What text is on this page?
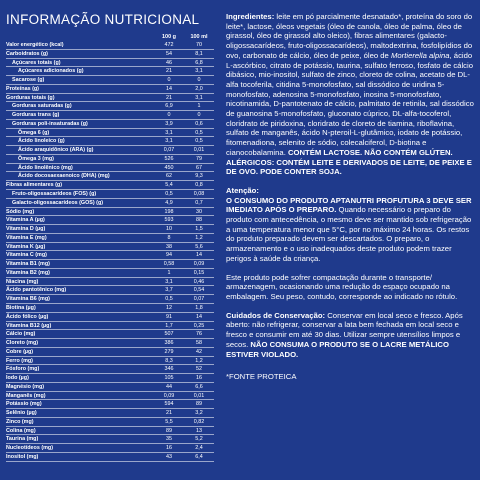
INFORMAÇÃO NUTRICIONAL
100 g	100 ml
Valor energético (kcal)	472	70
Carboidratos (g)	54	8,1
Açúcares totais (g)	46	6,8
Açúcares adicionados (g)	21	3,1
Sacarose (g)	0	0
Proteínas (g)	14	2,0
Gorduras totais (g)	21	3,1
Gorduras saturadas (g)	6,9	1
Gorduras trans (g)	0	0
Gorduras poli-insaturadas (g)	3,9	0,6
Ômega 6 (g)	3,1	0,5
Ácido linoleico (g)	3,1	0,5
Ácido araquidônico (ARA) (g)	0,07	0,01
Ômega 3 (mg)	526	79
Ácido linolênico (mg)	450	67
Ácido docosaexaenoico (DHA) (mg)	62	9,3
Fibras alimentares (g)	5,4	0,8
Fruto-oligossacarídeos (FOS) (g)	0,5	0,08
Galacto-oligossacarídeos (GOS) (g)	4,9	0,7
Sódio (mg)	198	30
Vitamina A (µg)	593	88
Vitamina D (µg)	10	1,5
Vitamina E (mg)	8	1,2
Vitamina K (µg)	38	5,6
Vitamina C (mg)	94	14
Vitamina B1 (mg)	0,58	0,09
Vitamina B2 (mg)	1	0,15
Niacina (mg)	3,1	0,46
Ácido pantotênico (mg)	3,7	0,54
Vitamina B6 (mg)	0,5	0,07
Biotina (µg)	12	1,8
Ácido fólico (µg)	91	14
Vitamina B12 (µg)	1,7	0,25
Cálcio (mg)	507	76
Cloreto (mg)	386	58
Cobre (µg)	279	42
Ferro (mg)	8,3	1,2
Fósforo (mg)	346	52
Iodo (µg)	105	16
Magnésio (mg)	44	6,6
Manganês (mg)	0,09	0,01
Potássio (mg)	594	89
Selênio (µg)	21	3,2
Zinco (mg)	5,5	0,82
Colina (mg)	89	13
Taurina (mg)	35	5,2
Nucleotídeos (mg)	16	2,4
Inositol (mg)	43	6,4

Ingredientes: leite em pó parcialmente desnatado*, proteína do soro do leite*, lactose, óleos vegetais (óleo de canola, óleo de palma, óleo de girassol, óleo de girassol alto oleico), fibras alimentares (galacto-oligossacarídeos, fruto-oligossacarídeos), maltodextrina, fosfolipídios do ovo, carbonato de cálcio, óleo de peixe, óleo de Mortierella alpina, ácido L-ascórbico, citrato de potássio, taurina, sulfato ferroso, fosfato de cálcio dibásico, mio-inositol, sulfato de zinco, cloreto de colina, acetato de DL-alfa tocoferila, citidina 5-monofosfato, sal dissódico de uridina 5-monofosfato, adenosina 5-monofosfato, inosina 5-monofosfato, nicotinamida, D-pantotenato de cálcio, palmitato de retinila, sal dissódico de guanosina 5-monofosfato, gluconato cúprico, DL-alfa-tocoferol, cloridrato de piridoxina, cloridrato de cloreto de tiamina, riboflavina, sulfato de manganês, ácido N-pteroil-L-glutâmico, iodato de potássio, fitomenadiona, selenito de sódio, colecalciferol, D-biotina e cianocobalamina. CONTÉM LACTOSE. NÃO CONTÉM GLÚTEN. ALÉRGICOS: CONTÉM LEITE E DERIVADOS DE LEITE, DE PEIXE E DE OVO. PODE CONTER SOJA.

Atenção:

O CONSUMO DO PRODUTO APTANUTRI PROFUTURA 3 DEVE SER IMEDIATO APÓS O PREPARO. Quando necessário o preparo do produto com antecedência, o mesmo deve ser mantido sob refrigeração a uma temperatura menor que 5°C, por no máximo 24 horas. Os restos do produto preparado devem ser descartados. O preparo, o armazenamento e o uso inadequados deste produto podem trazer perigos à saúde da criança.

Este produto pode sofrer compactação durante o transporte/ armazenagem, ocasionando uma redução do espaço ocupado na embalagem. Seu peso, contudo, corresponde ao indicado no rótulo.

Cuidados de Conservação: Conservar em local seco e fresco. Após aberto: não refrigerar, conservar a lata bem fechada em local seco e fresco e consumir em até 30 dias. Utilizar sempre utensílios limpos e secos. NÃO CONSUMA O PRODUTO SE O LACRE METÁLICO ESTIVER VIOLADO.

*FONTE PROTEICA
